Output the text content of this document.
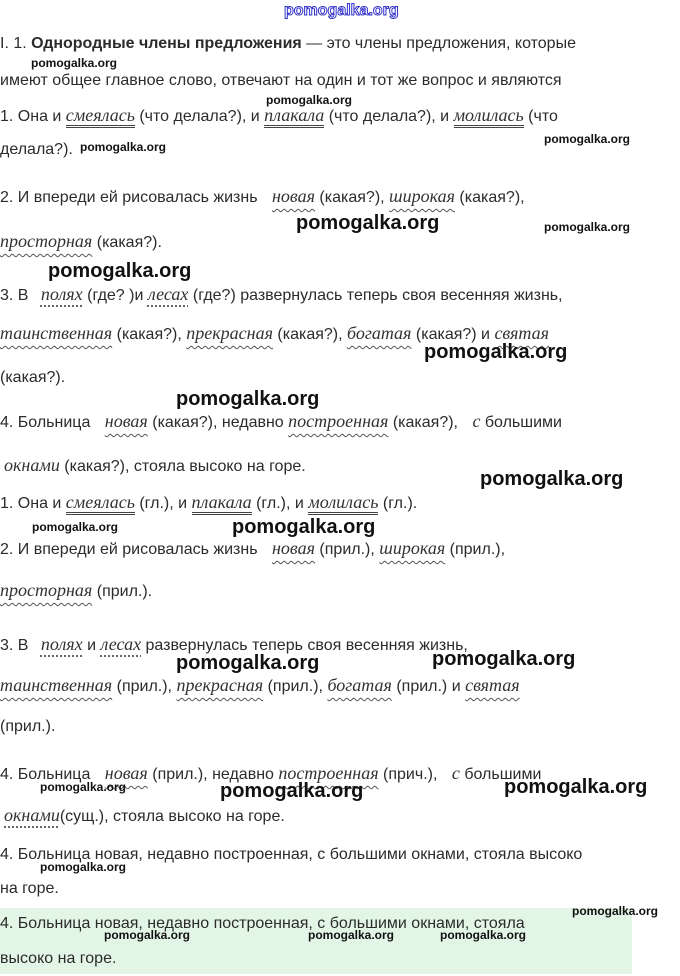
pomogalka.org
I. 1. Однородные члены предложения — это члены предложения, которые
имеют общее главное слово, отвечают на один и тот же вопрос и являются
1. Она и смеялась (что делала?), и плакала (что делала?), и молилась (что
делала?).
2. И впереди ей рисовалась жизнь новая (какая?), широкая (какая?),
просторная (какая?).
3. В полях (где? )и лесах (где?) развернулась теперь своя весенняя жизнь,
таинственная (какая?), прекрасная (какая?), богатая (какая?) и святая
(какая?).
4. Больница новая (какая?), недавно построенная (какая?), с большими
окнами (какая?), стояла высоко на горе.
1. Она и смеялась (гл.), и плакала (гл.), и молилась (гл.).
2. И впереди ей рисовалась жизнь новая (прил.), широкая (прил.),
просторная (прил.).
3. В полях и лесах развернулась теперь своя весенняя жизнь,
таинственная (прил.), прекрасная (прил.), богатая (прил.) и святая
(прил.).
4. Больница новая (прил.), недавно построенная (прич.), с большими
окнами(сущ.), стояла высоко на горе.
4. Больница новая, недавно построенная, с большими окнами, стояла высоко
на горе.
4. Больница новая, недавно построенная, с большими окнами, стояла
высоко на горе.
pomogalka.org
pomogalka.org
pomogalka.org
pomogalka.org
pomogalka.org	pomogalka.org
pomogalka.org
pomogalka.org
pomogalka.org
pomogalka.org
pomogalka.org	pomogalka.org
pomogalka.org	pomogalka.org
pomogalka.org	pomogalka.org	pomogalka.org
pomogalka.org
pomogalka.org
pomogalka.org	pomogalka.org	pomogalka.org
